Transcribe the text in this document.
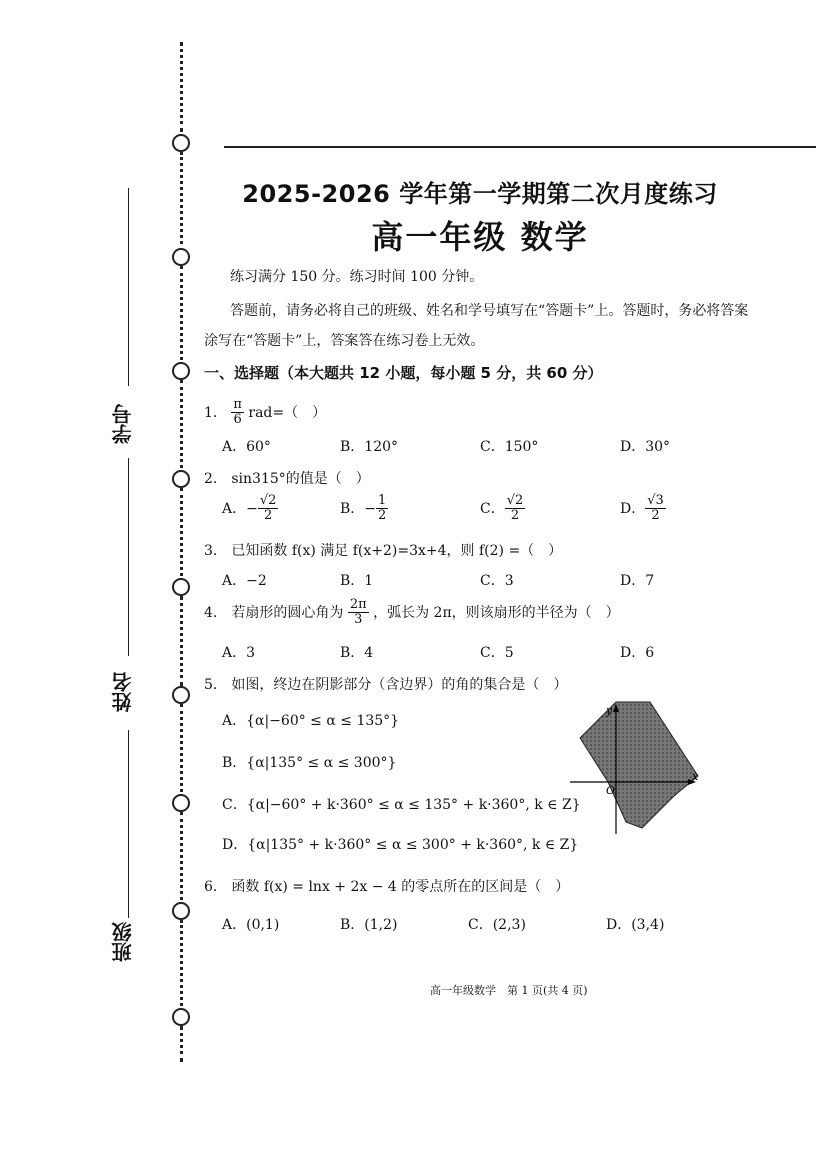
学号
姓名
班级
2025-2026 学年第一学期第二次月度练习
高一年级 数学
练习满分 150 分。练习时间 100 分钟。
答题前，请务必将自己的班级、姓名和学号填写在“答题卡”上。答题时，务必将答案
涂写在“答题卡”上，答案答在练习卷上无效。
一、选择题（本大题共 12 小题，每小题 5 分，共 60 分）
1． $\frac{\pi}{6} rad=$（　）
A．60°	B．120°	C．150°	D．30°
2． sin315°的值是（　）
A．− $\frac{√2}{2}$	B．− $\frac{1}{2}$	C． $\frac{√2}{2}$	D． $\frac{√3}{2}$
3． 已知函数 f(x) 满足 f(x+2)=3x+4，则 f(2) =（　）
A．−2	B．1	C．3	D．7
4． 若扇形的圆心角为 $\frac{2\pi}{3}$ ，弧长为 2π，则该扇形的半径为（　）
A．3	B．4	C．5	D．6
5． 如图，终边在阴影部分（含边界）的角的集合是（　）
A．{α|−60° ≤ α ≤ 135°}
B．{α|135° ≤ α ≤ 300°}
C．{α|−60° + k·360° ≤ α ≤ 135° + k·360°, k ∈ Z}
D．{α|135° + k·360° ≤ α ≤ 300° + k·360°, k ∈ Z}
y
x
O
6． 函数 f(x) = lnx + 2x − 4 的零点所在的区间是（　）
A．(0,1)	B．(1,2)	C．(2,3)	D．(3,4)
高一年级数学　第 1 页(共 4 页)
